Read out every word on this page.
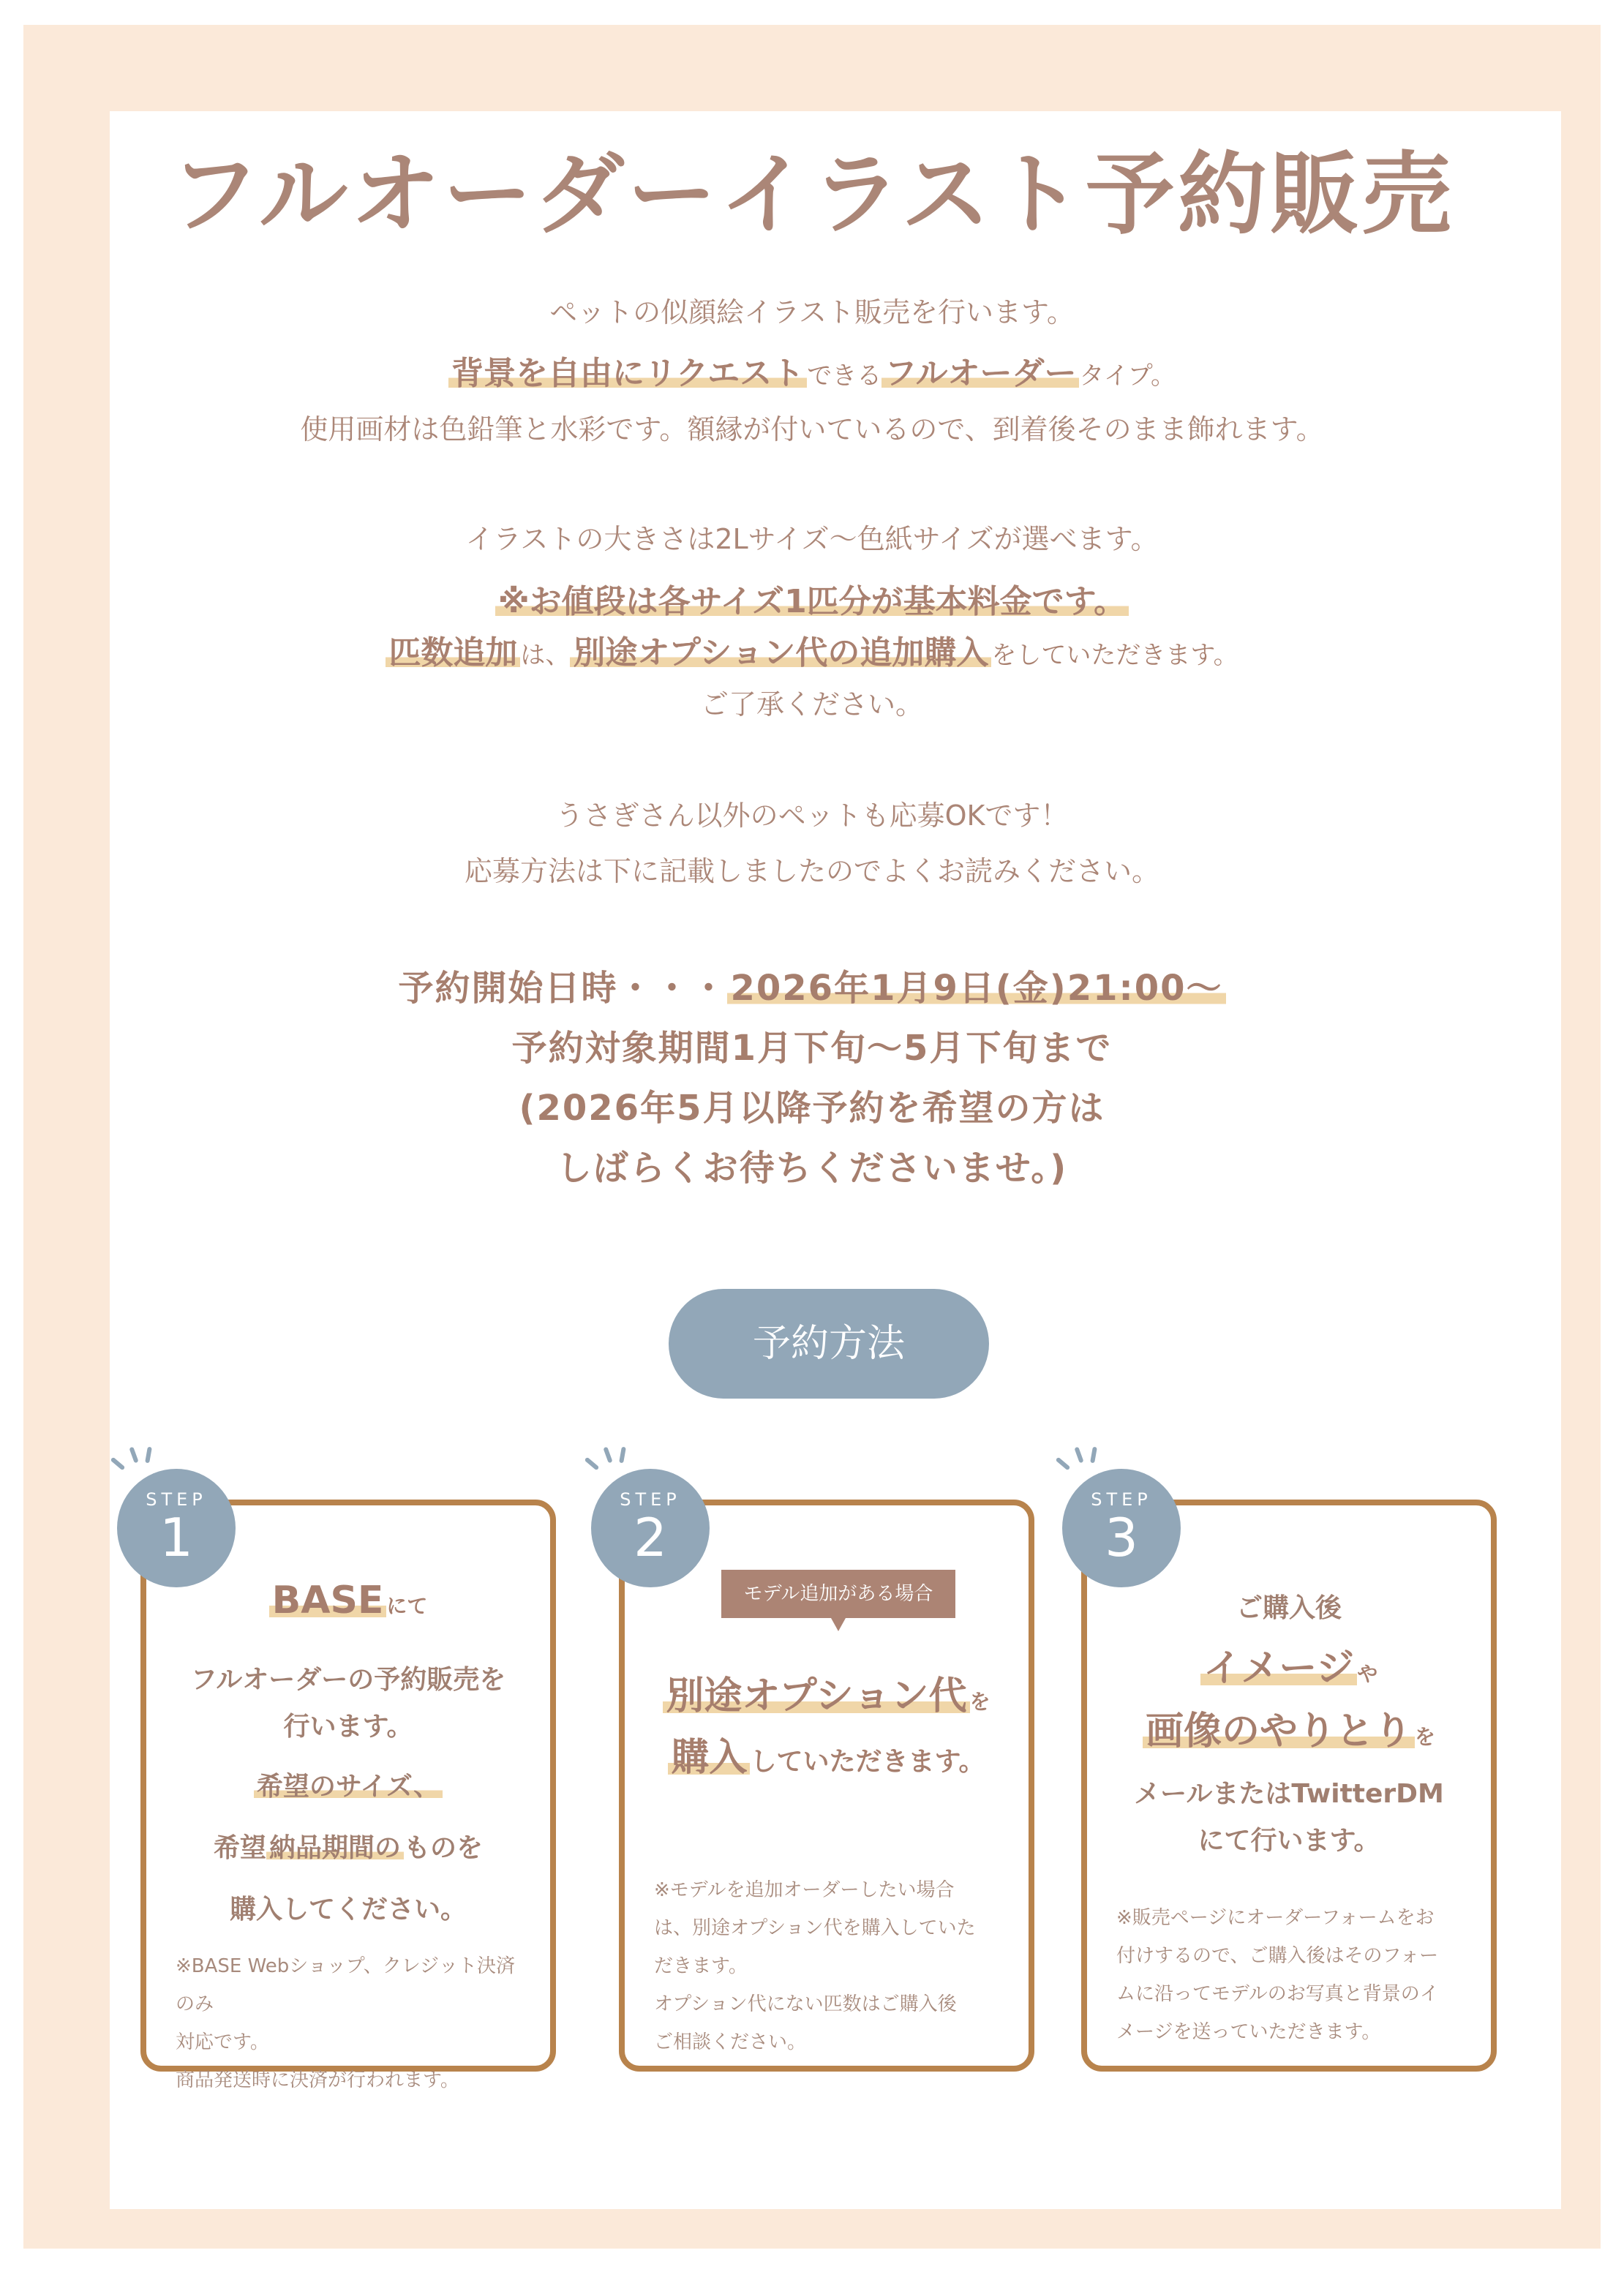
フルオーダーイラスト予約販売
ペットの似顔絵イラスト販売を行います。
背景を自由にリクエスト できるフルオーダー タイプ。
使用画材は色鉛筆と水彩です。額縁が付いているので、到着後そのまま飾れます。
イラストの大きさは2Lサイズ〜色紙サイズが選べます。
※お値段は各サイズ1匹分が基本料金です。
匹数追加 は、別途オプション代の追加購入 をしていただきます。
ご了承ください。
うさぎさん以外のペットも応募OKです！
応募方法は下に記載しましたのでよくお読みください。
予約開始日時・・・2026年1月9日(金)21:00〜
予約対象期間1月下旬〜5月下旬まで
(2026年5月以降予約を希望の方は
しばらくお待ちくださいませ。)
予約方法
BASE にて
フルオーダーの予約販売を
行います。
希望のサイズ、
希望 納品期間の ものを
購入してください。
※BASE Webショップ、クレジット決済のみ
対応です。
商品発送時に決済が行われます。
モデル追加がある場合
別途オプション代 を
購入 していただきます。
※モデルを追加オーダーしたい場合
は、別途オプション代を購入していた
だきます。
オプション代にない匹数はご購入後
ご相談ください。
ご購入後
イメージ や
画像のやりとり を
メールまたはTwitterDM
にて行います。
※販売ページにオーダーフォームをお
付けするので、ご購入後はそのフォー
ムに沿ってモデルのお写真と背景のイ
メージを送っていただきます。
STEP
1
STEP
2
STEP
3
